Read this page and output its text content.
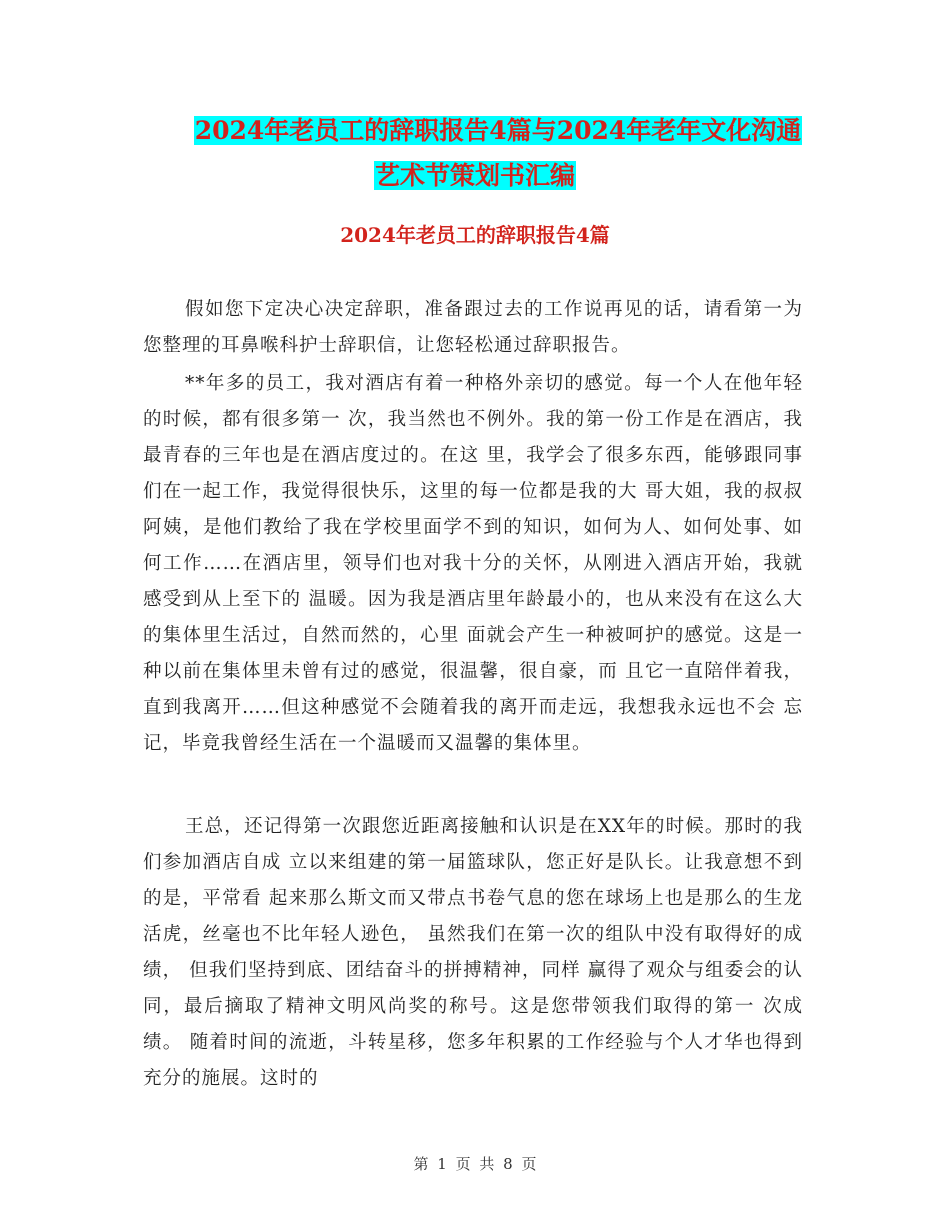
2024年老员工的辞职报告4篇与2024年老年文化沟通
艺术节策划书汇编
2024年老员工的辞职报告4篇

假如您下定决心决定辞职，准备跟过去的工作说再见的话，请看第一为您整理的耳鼻喉科护士辞职信，让您轻松通过辞职报告。

**年多的员工，我对酒店有着一种格外亲切的感觉。每一个人在他年轻的时候，都有很多第一 次，我当然也不例外。我的第一份工作是在酒店，我最青春的三年也是在酒店度过的。在这 里，我学会了很多东西，能够跟同事们在一起工作，我觉得很快乐，这里的每一位都是我的大 哥大姐，我的叔叔阿姨，是他们教给了我在学校里面学不到的知识，如何为人、如何处事、如 何工作……在酒店里，领导们也对我十分的关怀，从刚进入酒店开始，我就感受到从上至下的 温暖。因为我是酒店里年龄最小的，也从来没有在这么大的集体里生活过，自然而然的，心里 面就会产生一种被呵护的感觉。这是一种以前在集体里未曾有过的感觉，很温馨，很自豪，而 且它一直陪伴着我，直到我离开……但这种感觉不会随着我的离开而走远，我想我永远也不会 忘记，毕竟我曾经生活在一个温暖而又温馨的集体里。

王总，还记得第一次跟您近距离接触和认识是在XX年的时候。那时的我们参加酒店自成 立以来组建的第一届篮球队，您正好是队长。让我意想不到的是，平常看 起来那么斯文而又带点书卷气息的您在球场上也是那么的生龙活虎，丝毫也不比年轻人逊色， 虽然我们在第一次的组队中没有取得好的成绩， 但我们坚持到底、团结奋斗的拼搏精神，同样 赢得了观众与组委会的认同，最后摘取了精神文明风尚奖的称号。这是您带领我们取得的第一 次成绩。 随着时间的流逝，斗转星移，您多年积累的工作经验与个人才华也得到充分的施展。这时的

第 1 页 共 8 页
